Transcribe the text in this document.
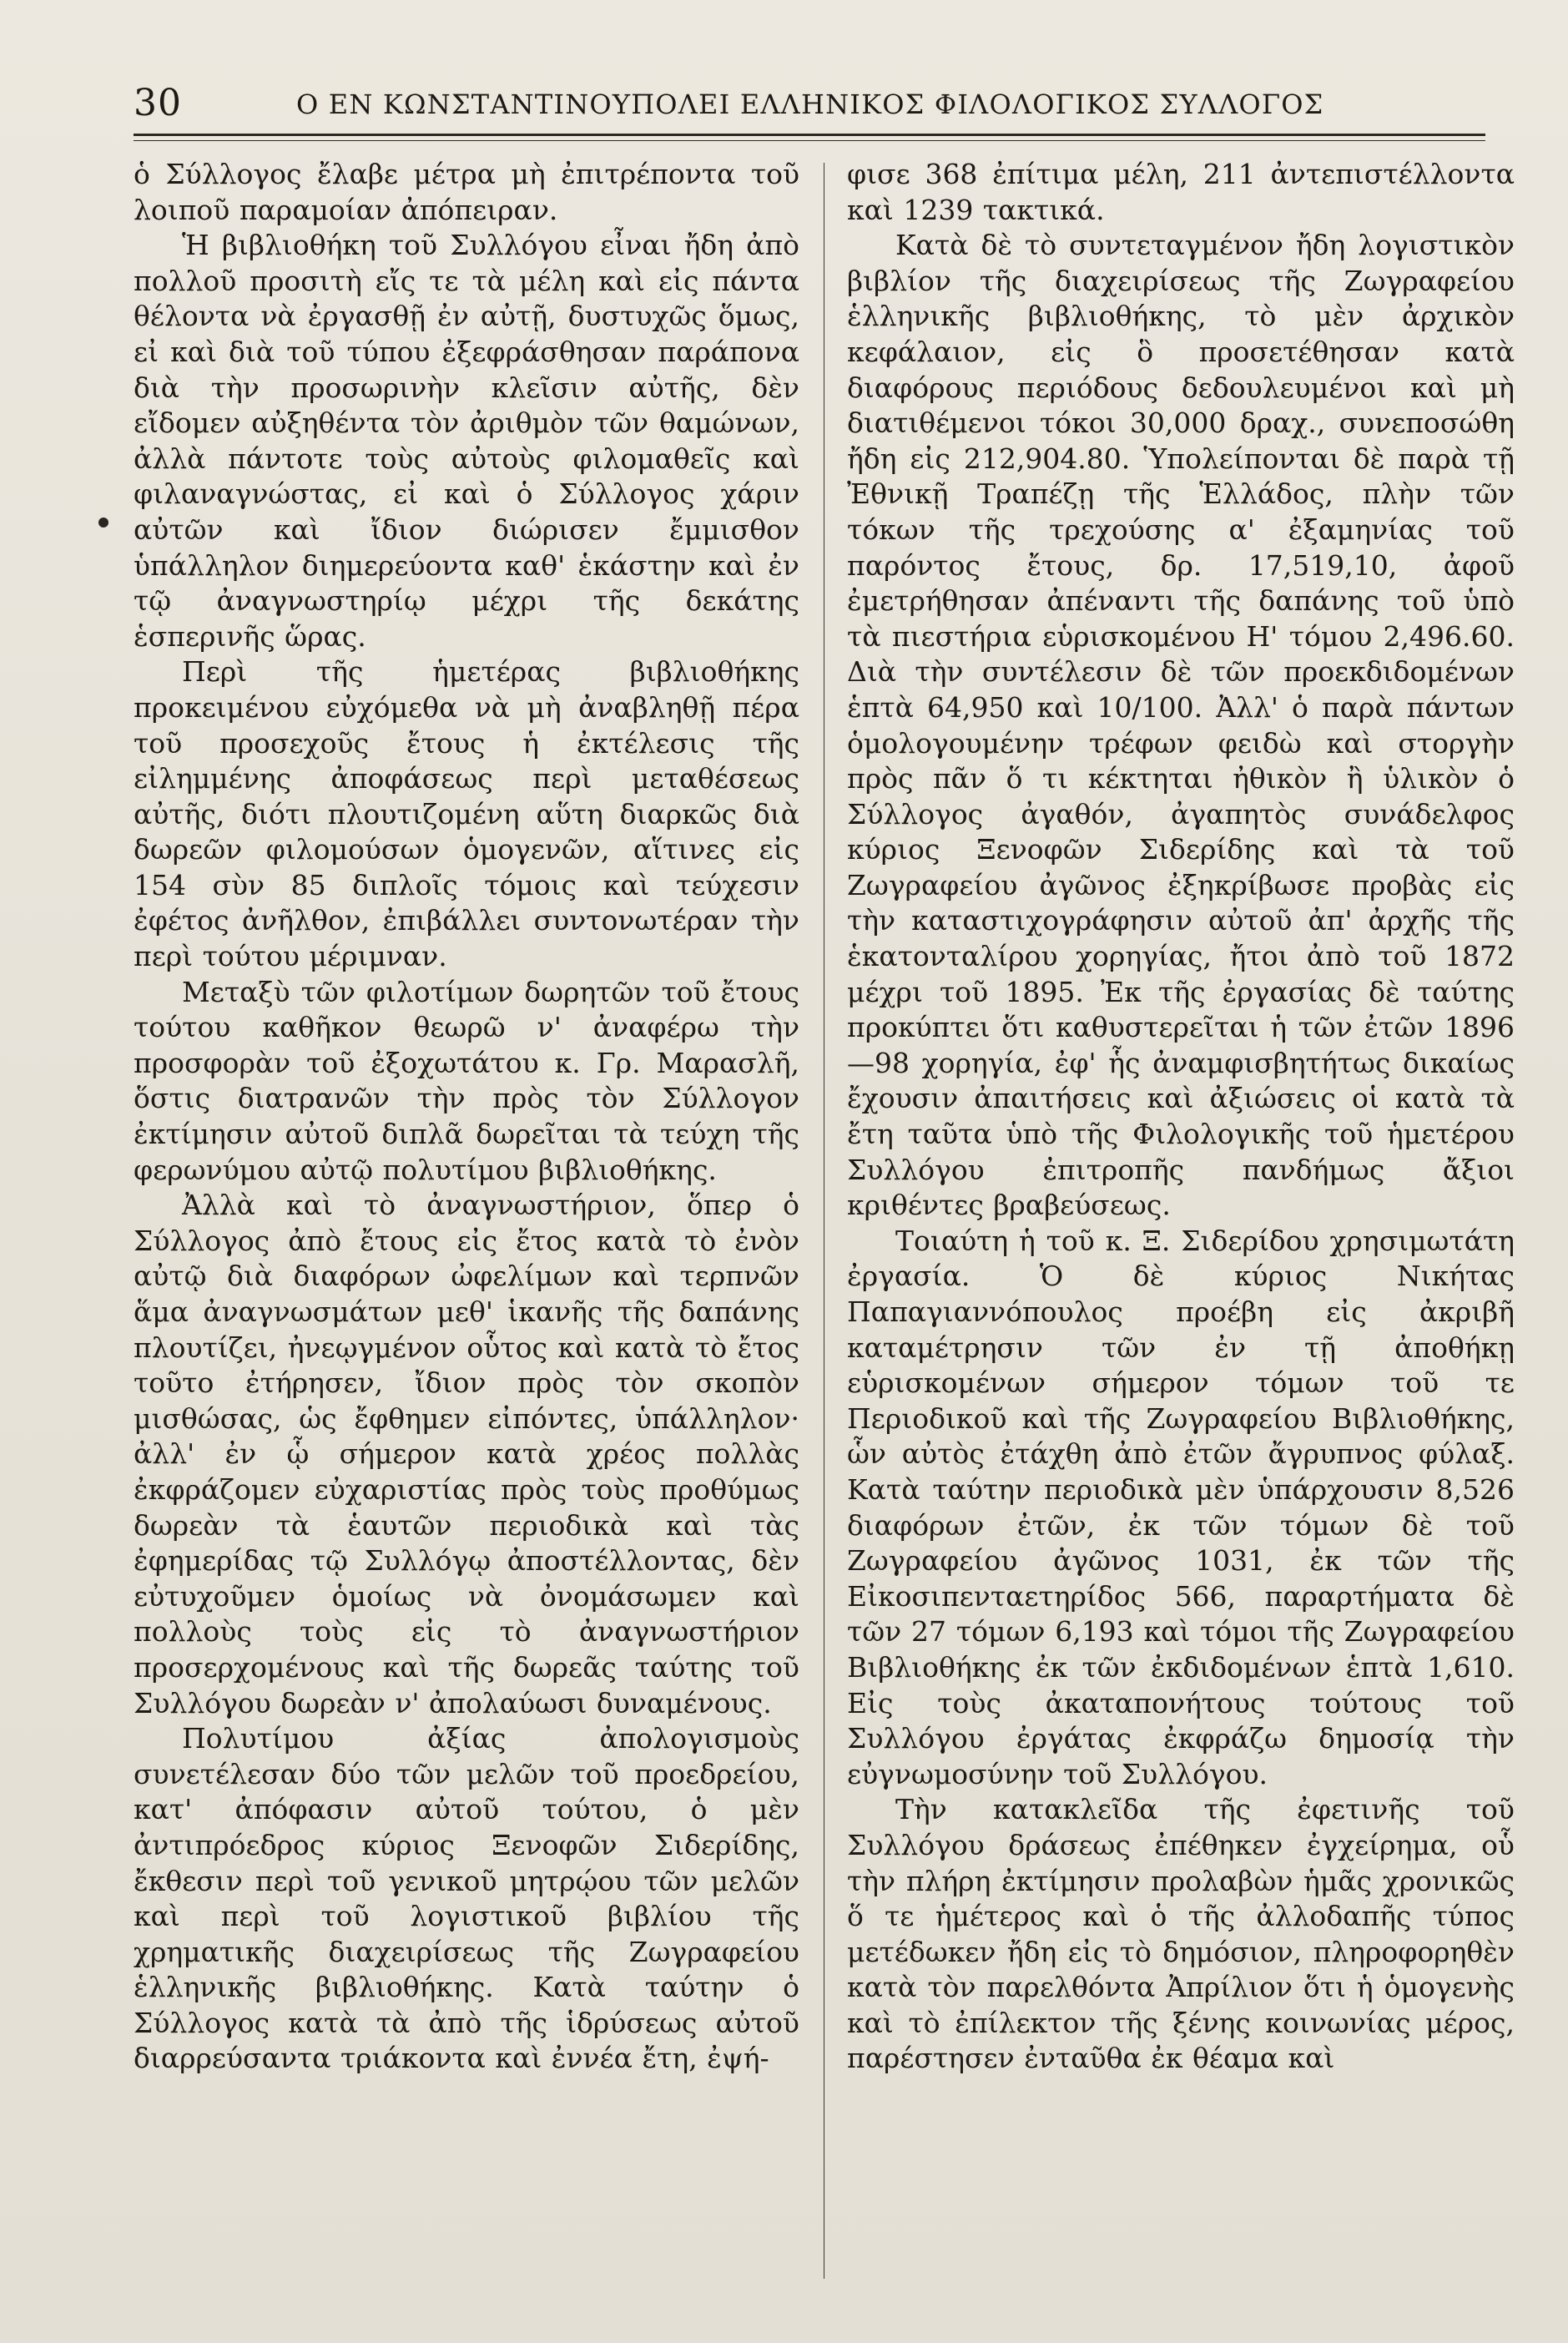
30	Ο ΕΝ ΚΩΝΣΤΑΝΤΙΝΟΥΠΟΛΕΙ ΕΛΛΗΝΙΚΟΣ ΦΙΛΟΛΟΓΙΚΟΣ ΣΥΛΛΟΓΟΣ

ὁ Σύλλογος ἔλαβε μέτρα μὴ ἐπιτρέποντα τοῦ λοιποῦ παραμοίαν ἀπόπειραν.

Ἡ βιβλιοθήκη τοῦ Συλλόγου εἶναι ἤδη ἀπὸ πολλοῦ προσιτὴ εἴς τε τὰ μέλη καὶ εἰς πάντα θέλοντα νὰ ἐργασθῇ ἐν αὐτῇ, δυστυχῶς ὅμως, εἰ καὶ διὰ τοῦ τύπου ἐξεφράσθησαν παράπονα διὰ τὴν προσωρινὴν κλεῖσιν αὐτῆς, δὲν εἴδομεν αὐξηθέντα τὸν ἀριθμὸν τῶν θαμώνων, ἀλλὰ πάντοτε τοὺς αὐτοὺς φιλομαθεῖς καὶ φιλαναγνώστας, εἰ καὶ ὁ Σύλλογος χάριν αὐτῶν καὶ ἴδιον διώρισεν ἔμμισθον ὑπάλληλον διημερεύοντα καθ' ἑκάστην καὶ ἐν τῷ ἀναγνωστηρίῳ μέχρι τῆς δεκάτης ἑσπερινῆς ὥρας.

Περὶ τῆς ἡμετέρας βιβλιοθήκης προκειμένου εὐχόμεθα νὰ μὴ ἀναβληθῇ πέρα τοῦ προσεχοῦς ἔτους ἡ ἐκτέλεσις τῆς εἰλημμένης ἀποφάσεως περὶ μεταθέσεως αὐτῆς, διότι πλουτιζομένη αὕτη διαρκῶς διὰ δωρεῶν φιλομούσων ὁμογενῶν, αἵτινες εἰς 154 σὺν 85 διπλοῖς τόμοις καὶ τεύχεσιν ἐφέτος ἀνῆλθον, ἐπιβάλλει συντονωτέραν τὴν περὶ τούτου μέριμναν.

Μεταξὺ τῶν φιλοτίμων δωρητῶν τοῦ ἔτους τούτου καθῆκον θεωρῶ ν' ἀναφέρω τὴν προσφορὰν τοῦ ἐξοχωτάτου κ. Γρ. Μαρασλῆ, ὅστις διατρανῶν τὴν πρὸς τὸν Σύλλογον ἐκτίμησιν αὐτοῦ διπλᾶ δωρεῖται τὰ τεύχη τῆς φερωνύμου αὐτῷ πολυτίμου βιβλιοθήκης.

Ἀλλὰ καὶ τὸ ἀναγνωστήριον, ὅπερ ὁ Σύλλογος ἀπὸ ἔτους εἰς ἔτος κατὰ τὸ ἐνὸν αὐτῷ διὰ διαφόρων ὠφελίμων καὶ τερπνῶν ἅμα ἀναγνωσμάτων μεθ' ἱκανῆς τῆς δαπάνης πλουτίζει, ἠνεῳγμένον οὗτος καὶ κατὰ τὸ ἔτος τοῦτο ἐτήρησεν, ἴδιον πρὸς τὸν σκοπὸν μισθώσας, ὡς ἔφθημεν εἰπόντες, ὑπάλληλον· ἀλλ' ἐν ᾧ σήμερον κατὰ χρέος πολλὰς ἐκφράζομεν εὐχαριστίας πρὸς τοὺς προθύμως δωρεὰν τὰ ἑαυτῶν περιοδικὰ καὶ τὰς ἐφημερίδας τῷ Συλλόγῳ ἀποστέλλοντας, δὲν εὐτυχοῦμεν ὁμοίως νὰ ὀνομάσωμεν καὶ πολλοὺς τοὺς εἰς τὸ ἀναγνωστήριον προσερχομένους καὶ τῆς δωρεᾶς ταύτης τοῦ Συλλόγου δωρεὰν ν' ἀπολαύωσι δυναμένους.

Πολυτίμου ἀξίας ἀπολογισμοὺς συνετέλεσαν δύο τῶν μελῶν τοῦ προεδρείου, κατ' ἀπόφασιν αὐτοῦ τούτου, ὁ μὲν ἀντιπρόεδρος κύριος Ξενοφῶν Σιδερίδης, ἔκθεσιν περὶ τοῦ γενικοῦ μητρῴου τῶν μελῶν καὶ περὶ τοῦ λογιστικοῦ βιβλίου τῆς χρηματικῆς διαχειρίσεως τῆς Ζωγραφείου ἑλληνικῆς βιβλιοθήκης. Κατὰ ταύτην ὁ Σύλλογος κατὰ τὰ ἀπὸ τῆς ἱδρύσεως αὐτοῦ διαρρεύσαντα τριάκοντα καὶ ἐννέα ἔτη, ἐψή-

φισε 368 ἐπίτιμα μέλη, 211 ἀντεπιστέλλοντα καὶ 1239 τακτικά.

Κατὰ δὲ τὸ συντεταγμένον ἤδη λογιστικὸν βιβλίον τῆς διαχειρίσεως τῆς Ζωγραφείου ἑλληνικῆς βιβλιοθήκης, τὸ μὲν ἀρχικὸν κεφάλαιον, εἰς ὃ προσετέθησαν κατὰ διαφόρους περιόδους δεδουλευμένοι καὶ μὴ διατιθέμενοι τόκοι 30,000 δραχ., συνεποσώθη ἤδη εἰς 212,904.80. Ὑπολείπονται δὲ παρὰ τῇ Ἐθνικῇ Τραπέζῃ τῆς Ἑλλάδος, πλὴν τῶν τόκων τῆς τρεχούσης α' ἐξαμηνίας τοῦ παρόντος ἔτους, δρ. 17,519,10, ἀφοῦ ἐμετρήθησαν ἀπέναντι τῆς δαπάνης τοῦ ὑπὸ τὰ πιεστήρια εὑρισκομένου Η' τόμου 2,496.60. Διὰ τὴν συντέλεσιν δὲ τῶν προεκδιδομένων ἑπτὰ 64,950 καὶ 10/100. Ἀλλ' ὁ παρὰ πάντων ὁμολογουμένην τρέφων φειδὼ καὶ στοργὴν πρὸς πᾶν ὅ τι κέκτηται ἠθικὸν ἢ ὑλικὸν ὁ Σύλλογος ἀγαθόν, ἀγαπητὸς συνάδελφος κύριος Ξενοφῶν Σιδερίδης καὶ τὰ τοῦ Ζωγραφείου ἀγῶνος ἐξηκρίβωσε προβὰς εἰς τὴν καταστιχογράφησιν αὐτοῦ ἀπ' ἀρχῆς τῆς ἑκατονταλίρου χορηγίας, ἤτοι ἀπὸ τοῦ 1872 μέχρι τοῦ 1895. Ἐκ τῆς ἐργασίας δὲ ταύτης προκύπτει ὅτι καθυστερεῖται ἡ τῶν ἐτῶν 1896—98 χορηγία, ἐφ' ἧς ἀναμφισβητήτως δικαίως ἔχουσιν ἀπαιτήσεις καὶ ἀξιώσεις οἱ κατὰ τὰ ἔτη ταῦτα ὑπὸ τῆς Φιλολογικῆς τοῦ ἡμετέρου Συλλόγου ἐπιτροπῆς πανδήμως ἄξιοι κριθέντες βραβεύσεως.

Τοιαύτη ἡ τοῦ κ. Ξ. Σιδερίδου χρησιμωτάτη ἐργασία. Ὁ δὲ κύριος Νικήτας Παπαγιαννόπουλος προέβη εἰς ἀκριβῆ καταμέτρησιν τῶν ἐν τῇ ἀποθήκῃ εὑρισκομένων σήμερον τόμων τοῦ τε Περιοδικοῦ καὶ τῆς Ζωγραφείου Βιβλιοθήκης, ὧν αὐτὸς ἐτάχθη ἀπὸ ἐτῶν ἄγρυπνος φύλαξ. Κατὰ ταύτην περιοδικὰ μὲν ὑπάρχουσιν 8,526 διαφόρων ἐτῶν, ἐκ τῶν τόμων δὲ τοῦ Ζωγραφείου ἀγῶνος 1031, ἐκ τῶν τῆς Εἰκοσιπενταετηρίδος 566, παραρτήματα δὲ τῶν 27 τόμων 6,193 καὶ τόμοι τῆς Ζωγραφείου Βιβλιοθήκης ἐκ τῶν ἐκδιδομένων ἑπτὰ 1,610. Εἰς τοὺς ἀκαταπονήτους τούτους τοῦ Συλλόγου ἐργάτας ἐκφράζω δημοσίᾳ τὴν εὐγνωμοσύνην τοῦ Συλλόγου.

Τὴν κατακλεῖδα τῆς ἐφετινῆς τοῦ Συλλόγου δράσεως ἐπέθηκεν ἐγχείρημα, οὗ τὴν πλήρη ἐκτίμησιν προλαβὼν ἡμᾶς χρονικῶς ὅ τε ἡμέτερος καὶ ὁ τῆς ἀλλοδαπῆς τύπος μετέδωκεν ἤδη εἰς τὸ δημόσιον, πληροφορηθὲν κατὰ τὸν παρελθόντα Ἀπρίλιον ὅτι ἡ ὁμογενὴς καὶ τὸ ἐπίλεκτον τῆς ξένης κοινωνίας μέρος, παρέστησεν ἐνταῦθα ἐκ θέαμα καὶ
